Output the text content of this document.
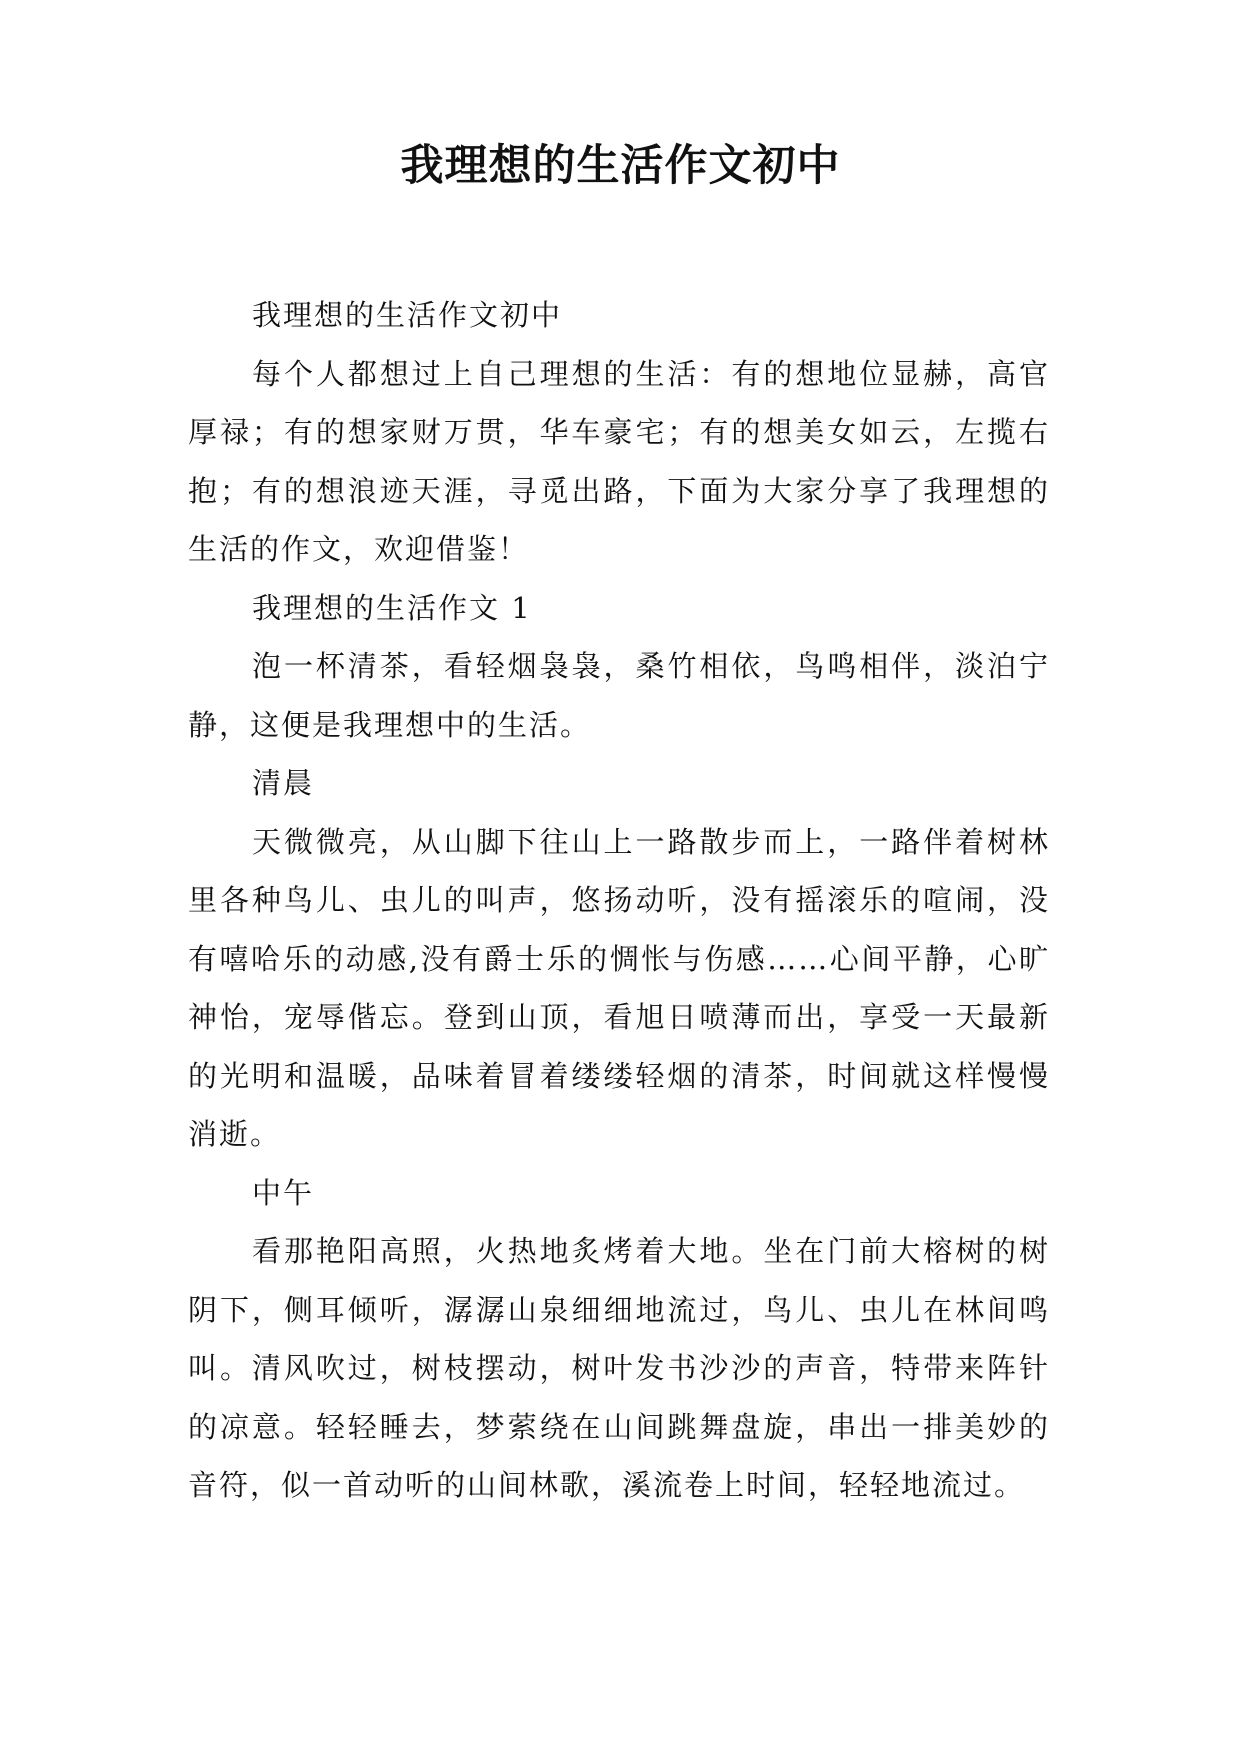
我理想的生活作文初中

我理想的生活作文初中

每个人都想过上自己理想的生活：有的想地位显赫，高官厚禄；有的想家财万贯，华车豪宅；有的想美女如云，左揽右抱；有的想浪迹天涯，寻觅出路，下面为大家分享了我理想的生活的作文，欢迎借鉴！

我理想的生活作文 1

泡一杯清茶，看轻烟袅袅，桑竹相依，鸟鸣相伴，淡泊宁静，这便是我理想中的生活。

清晨

天微微亮，从山脚下往山上一路散步而上，一路伴着树林里各种鸟儿、虫儿的叫声，悠扬动听，没有摇滚乐的喧闹，没有嘻哈乐的动感,没有爵士乐的惆怅与伤感……心间平静，心旷神怡，宠辱偕忘。登到山顶，看旭日喷薄而出，享受一天最新的光明和温暖，品味着冒着缕缕轻烟的清茶，时间就这样慢慢消逝。

中午

看那艳阳高照，火热地炙烤着大地。坐在门前大榕树的树阴下，侧耳倾听，潺潺山泉细细地流过，鸟儿、虫儿在林间鸣叫。清风吹过，树枝摆动，树叶发书沙沙的声音，特带来阵针的凉意。轻轻睡去，梦萦绕在山间跳舞盘旋，串出一排美妙的音符，似一首动听的山间林歌，溪流卷上时间，轻轻地流过。
